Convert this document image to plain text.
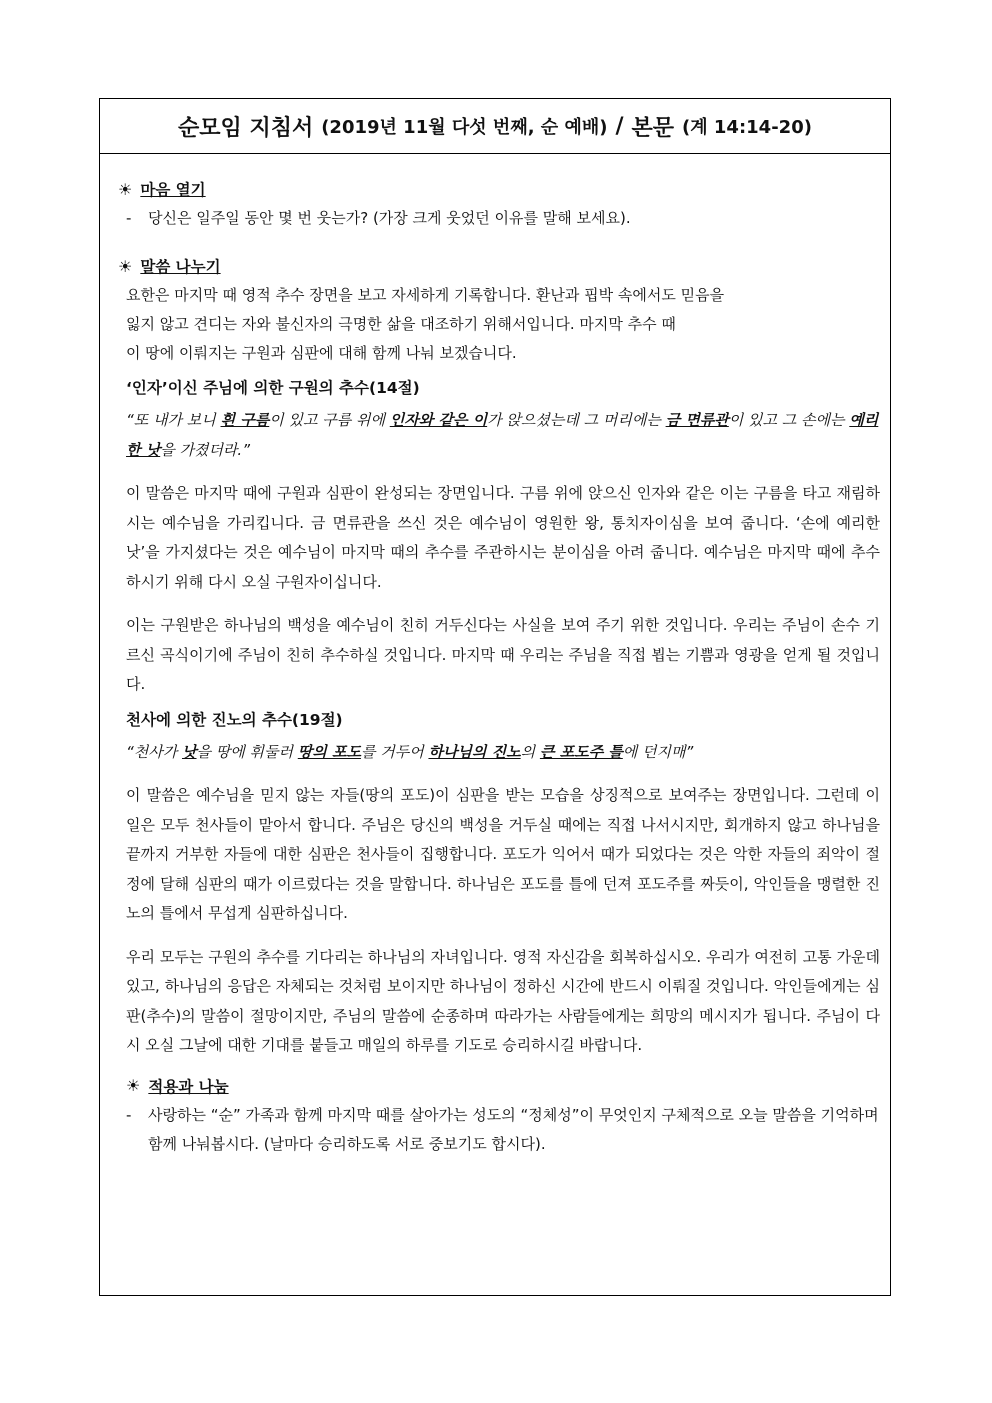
순모임 지침서 (2019년 11월 다섯 번째, 순 예배) / 본문 (계 14:14-20)
☀ 마음 열기
-	당신은 일주일 동안 몇 번 웃는가? (가장 크게 웃었던 이유를 말해 보세요).
☀ 말씀 나누기
요한은 마지막 때 영적 추수 장면을 보고 자세하게 기록합니다. 환난과 핍박 속에서도 믿음을
잃지 않고 견디는 자와 불신자의 극명한 삶을 대조하기 위해서입니다. 마지막 추수 때
이 땅에 이뤄지는 구원과 심판에 대해 함께 나눠 보겠습니다.
‘인자’이신 주님에 의한 구원의 추수(14절)
“또 내가 보니 흰 구름이 있고 구름 위에 인자와 같은 이가 앉으셨는데 그 머리에는 금 면류관이 있고 그 손에는 예리한 낫을 가졌더라.”
이 말씀은 마지막 때에 구원과 심판이 완성되는 장면입니다. 구름 위에 앉으신 인자와 같은 이는 구름을 타고 재림하시는 예수님을 가리킵니다. 금 면류관을 쓰신 것은 예수님이 영원한 왕, 통치자이심을 보여 줍니다. ‘손에 예리한 낫’을 가지셨다는 것은 예수님이 마지막 때의 추수를 주관하시는 분이심을 아려 줍니다. 예수님은 마지막 때에 추수하시기 위해 다시 오실 구원자이십니다.
이는 구원받은 하나님의 백성을 예수님이 친히 거두신다는 사실을 보여 주기 위한 것입니다. 우리는 주님이 손수 기르신 곡식이기에 주님이 친히 추수하실 것입니다. 마지막 때 우리는 주님을 직접 뵙는 기쁨과 영광을 얻게 될 것입니다.
천사에 의한 진노의 추수(19절)
“천사가 낫을 땅에 휘둘러 땅의 포도를 거두어 하나님의 진노의 큰 포도주 틀에 던지매”
이 말씀은 예수님을 믿지 않는 자들(땅의 포도)이 심판을 받는 모습을 상징적으로 보여주는 장면입니다. 그런데 이 일은 모두 천사들이 맡아서 합니다. 주님은 당신의 백성을 거두실 때에는 직접 나서시지만, 회개하지 않고 하나님을 끝까지 거부한 자들에 대한 심판은 천사들이 집행합니다. 포도가 익어서 때가 되었다는 것은 악한 자들의 죄악이 절정에 달해 심판의 때가 이르렀다는 것을 말합니다. 하나님은 포도를 틀에 던져 포도주를 짜듯이, 악인들을 맹렬한 진노의 틀에서 무섭게 심판하십니다.
우리 모두는 구원의 추수를 기다리는 하나님의 자녀입니다. 영적 자신감을 회복하십시오. 우리가 여전히 고통 가운데 있고, 하나님의 응답은 자체되는 것처럼 보이지만 하나님이 정하신 시간에 반드시 이뤄질 것입니다. 악인들에게는 심판(추수)의 말씀이 절망이지만, 주님의 말씀에 순종하며 따라가는 사람들에게는 희망의 메시지가 됩니다. 주님이 다시 오실 그날에 대한 기대를 붙들고 매일의 하루를 기도로 승리하시길 바랍니다.
☀ 적용과 나눔
-	사랑하는 “순” 가족과 함께 마지막 때를 살아가는 성도의 “정체성”이 무엇인지 구체적으로 오늘 말씀을 기억하며 함께 나눠봅시다. (날마다 승리하도록 서로 중보기도 합시다).
